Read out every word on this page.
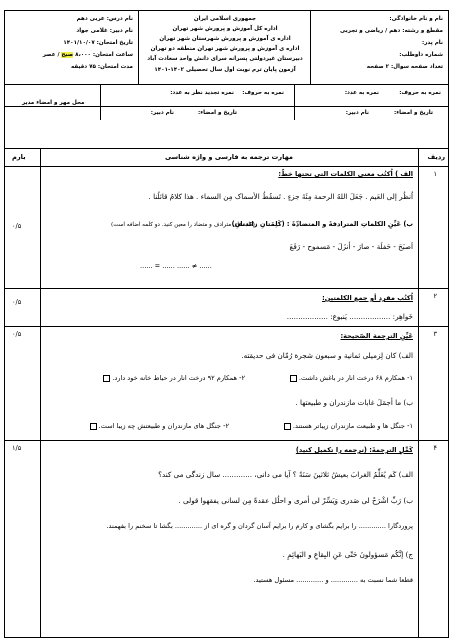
نام و نام خانوادگی:
مقطع و رشته: دهم / ریاضی و تجربی
نام پدر:
شماره داوطلب:
تعداد صفحه سوال: ۲ صفحه
جمهوری اسلامی ایران
اداره کل آموزش و پرورش شهر تهران
اداره ی آموزش و پرورش شهرستان شهر تهران
اداره ی آموزش و پرورش شهر تهران منطقه دو تهران
دبیرستان غیردولتی پسرانه سرای دانش واحد سعادت آباد
آزمون پایان ترم نوبت اول سال تحصیلی ۱۴۰۲-۱۴۰۱
نام درس: عربی دهم
نام دبیر: غلامی جواد
تاریخ امتحان: ۱۴۰۱/۱۰/۰۷
ساعت امتحان: ۸،۰۰۰ صبح / عصر
مدت امتحان: ۷۵ دقیقه
نمره به عدد:	نمره به حروف:
نمره تجدید نظر به عدد: نمره به حروف:
محل مهر و امضاء مدیر
نام دبیر:	تاریخ و امضاء:
نام دبیر:	تاریخ و امضاء:
ردیف
بارم	مهارت ترجمه به فارسی و واژه شناسی
۱
۰/۵
الف ) اُکتُب معنی الکلمات التی تحتها خطّ:
اُنظُر إلی العَیم . جَعَلَ اللهُ الرحمة مِئَةَ جزءٍ . تَسقُطُ الأسماک مِن السماء . هذا کلامُ قائلُنا .
ب) عَیِّنِ الکلماتِ المترادفةَ و المتضادّةَ : (کَلِمَتانِ زائدتانِ)
(کلمه‌های مترادف و متضاد را معین کنید. دو کلمه اضافه است)
اَصبَحَ - حَفلَة - صارَ - أنزَلَ - مَسموح - رَفَعَ
...... = ...... ...... ≠ ......
۲
۰/۵	اُکتُب مفرد أو جمع الکلمتین:
خَواهِر: .................. یَنبوع: ..................
۳
۰/۵	عَیِّنِ الترجمة الصّحیحة:
الف) کان لِزمیلی ثمانیة و سبعون شجرة رُمّان فی حدیقته.
۱- همکارم ۶۸ درخت انار در باغش داشت.
۲- همکارم ۹۲ درخت انار در حیاط خانه خود دارد.
ب) ما أجمَلَ غابات مازندران و طبیعتها .
۱- جنگل ها و طبیعت مازندران زیباتر هستند.
۲- جنگل های مازندران و طبیعتش چه زیبا است.
۴
۱/۵	کَمِّلِ الترجمةَ: (ترجمه را تکمیل کنید)
الف) کَم یُعَلِّمُ الغرابَ بعیشُ ثلاثینَ سَنَةً ؟ آیا می دانی، ............. سال زندگی می کند؟
ب) رَبِّ اشْرَحْ لی صَدری وَیَسِّرْ لی أمری و احلُل عقدةً مِن لسانی یفقهوا قولی .
پروردگارا ............. را برایم بگشای و کارم را برایم آسان گردان و گره ای از ............. بگشا تا سخنم را بفهمند.
ج) إنَّکُم مَسؤولونَ حَتّی عَنِ البِقاعِ و البَهائِمِ .
قطعا شما نسبت به ............. و ............. مسئول هستید.
